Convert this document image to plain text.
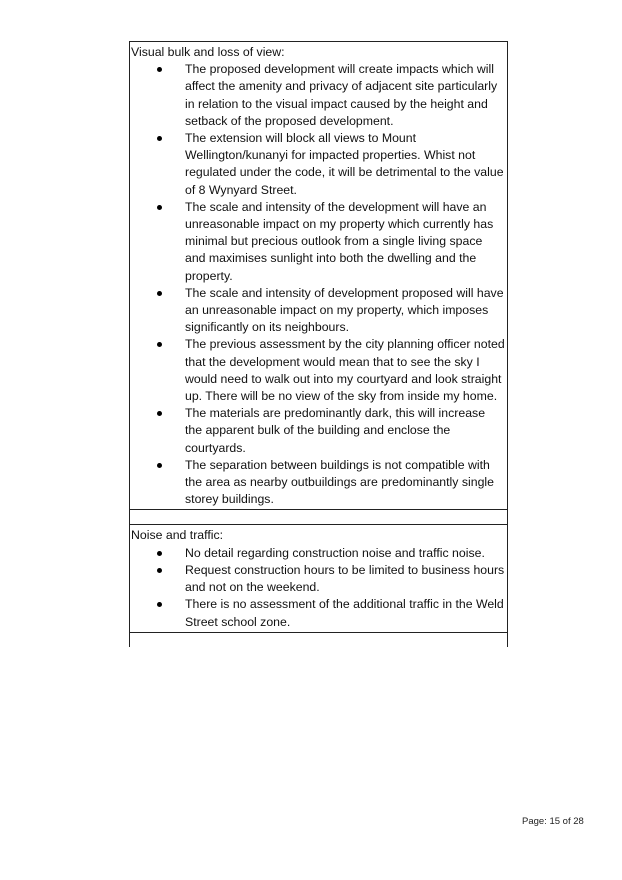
Visual bulk and loss of view:

The proposed development will create impacts which will affect the amenity and privacy of adjacent site particularly in relation to the visual impact caused by the height and setback of the proposed development.
The extension will block all views to Mount Wellington/kunanyi for impacted properties. Whist not regulated under the code, it will be detrimental to the value of 8 Wynyard Street.
The scale and intensity of the development will have an unreasonable impact on my property which currently has minimal but precious outlook from a single living space and maximises sunlight into both the dwelling and the property.
The scale and intensity of development proposed will have an unreasonable impact on my property, which imposes significantly on its neighbours.
The previous assessment by the city planning officer noted that the development would mean that to see the sky I would need to walk out into my courtyard and look straight up. There will be no view of the sky from inside my home.
The materials are predominantly dark, this will increase the apparent bulk of the building and enclose the courtyards.
The separation between buildings is not compatible with the area as nearby outbuildings are predominantly single storey buildings.

Noise and traffic:

No detail regarding construction noise and traffic noise.
Request construction hours to be limited to business hours and not on the weekend.
There is no assessment of the additional traffic in the Weld Street school zone.

Page: 15 of 28
